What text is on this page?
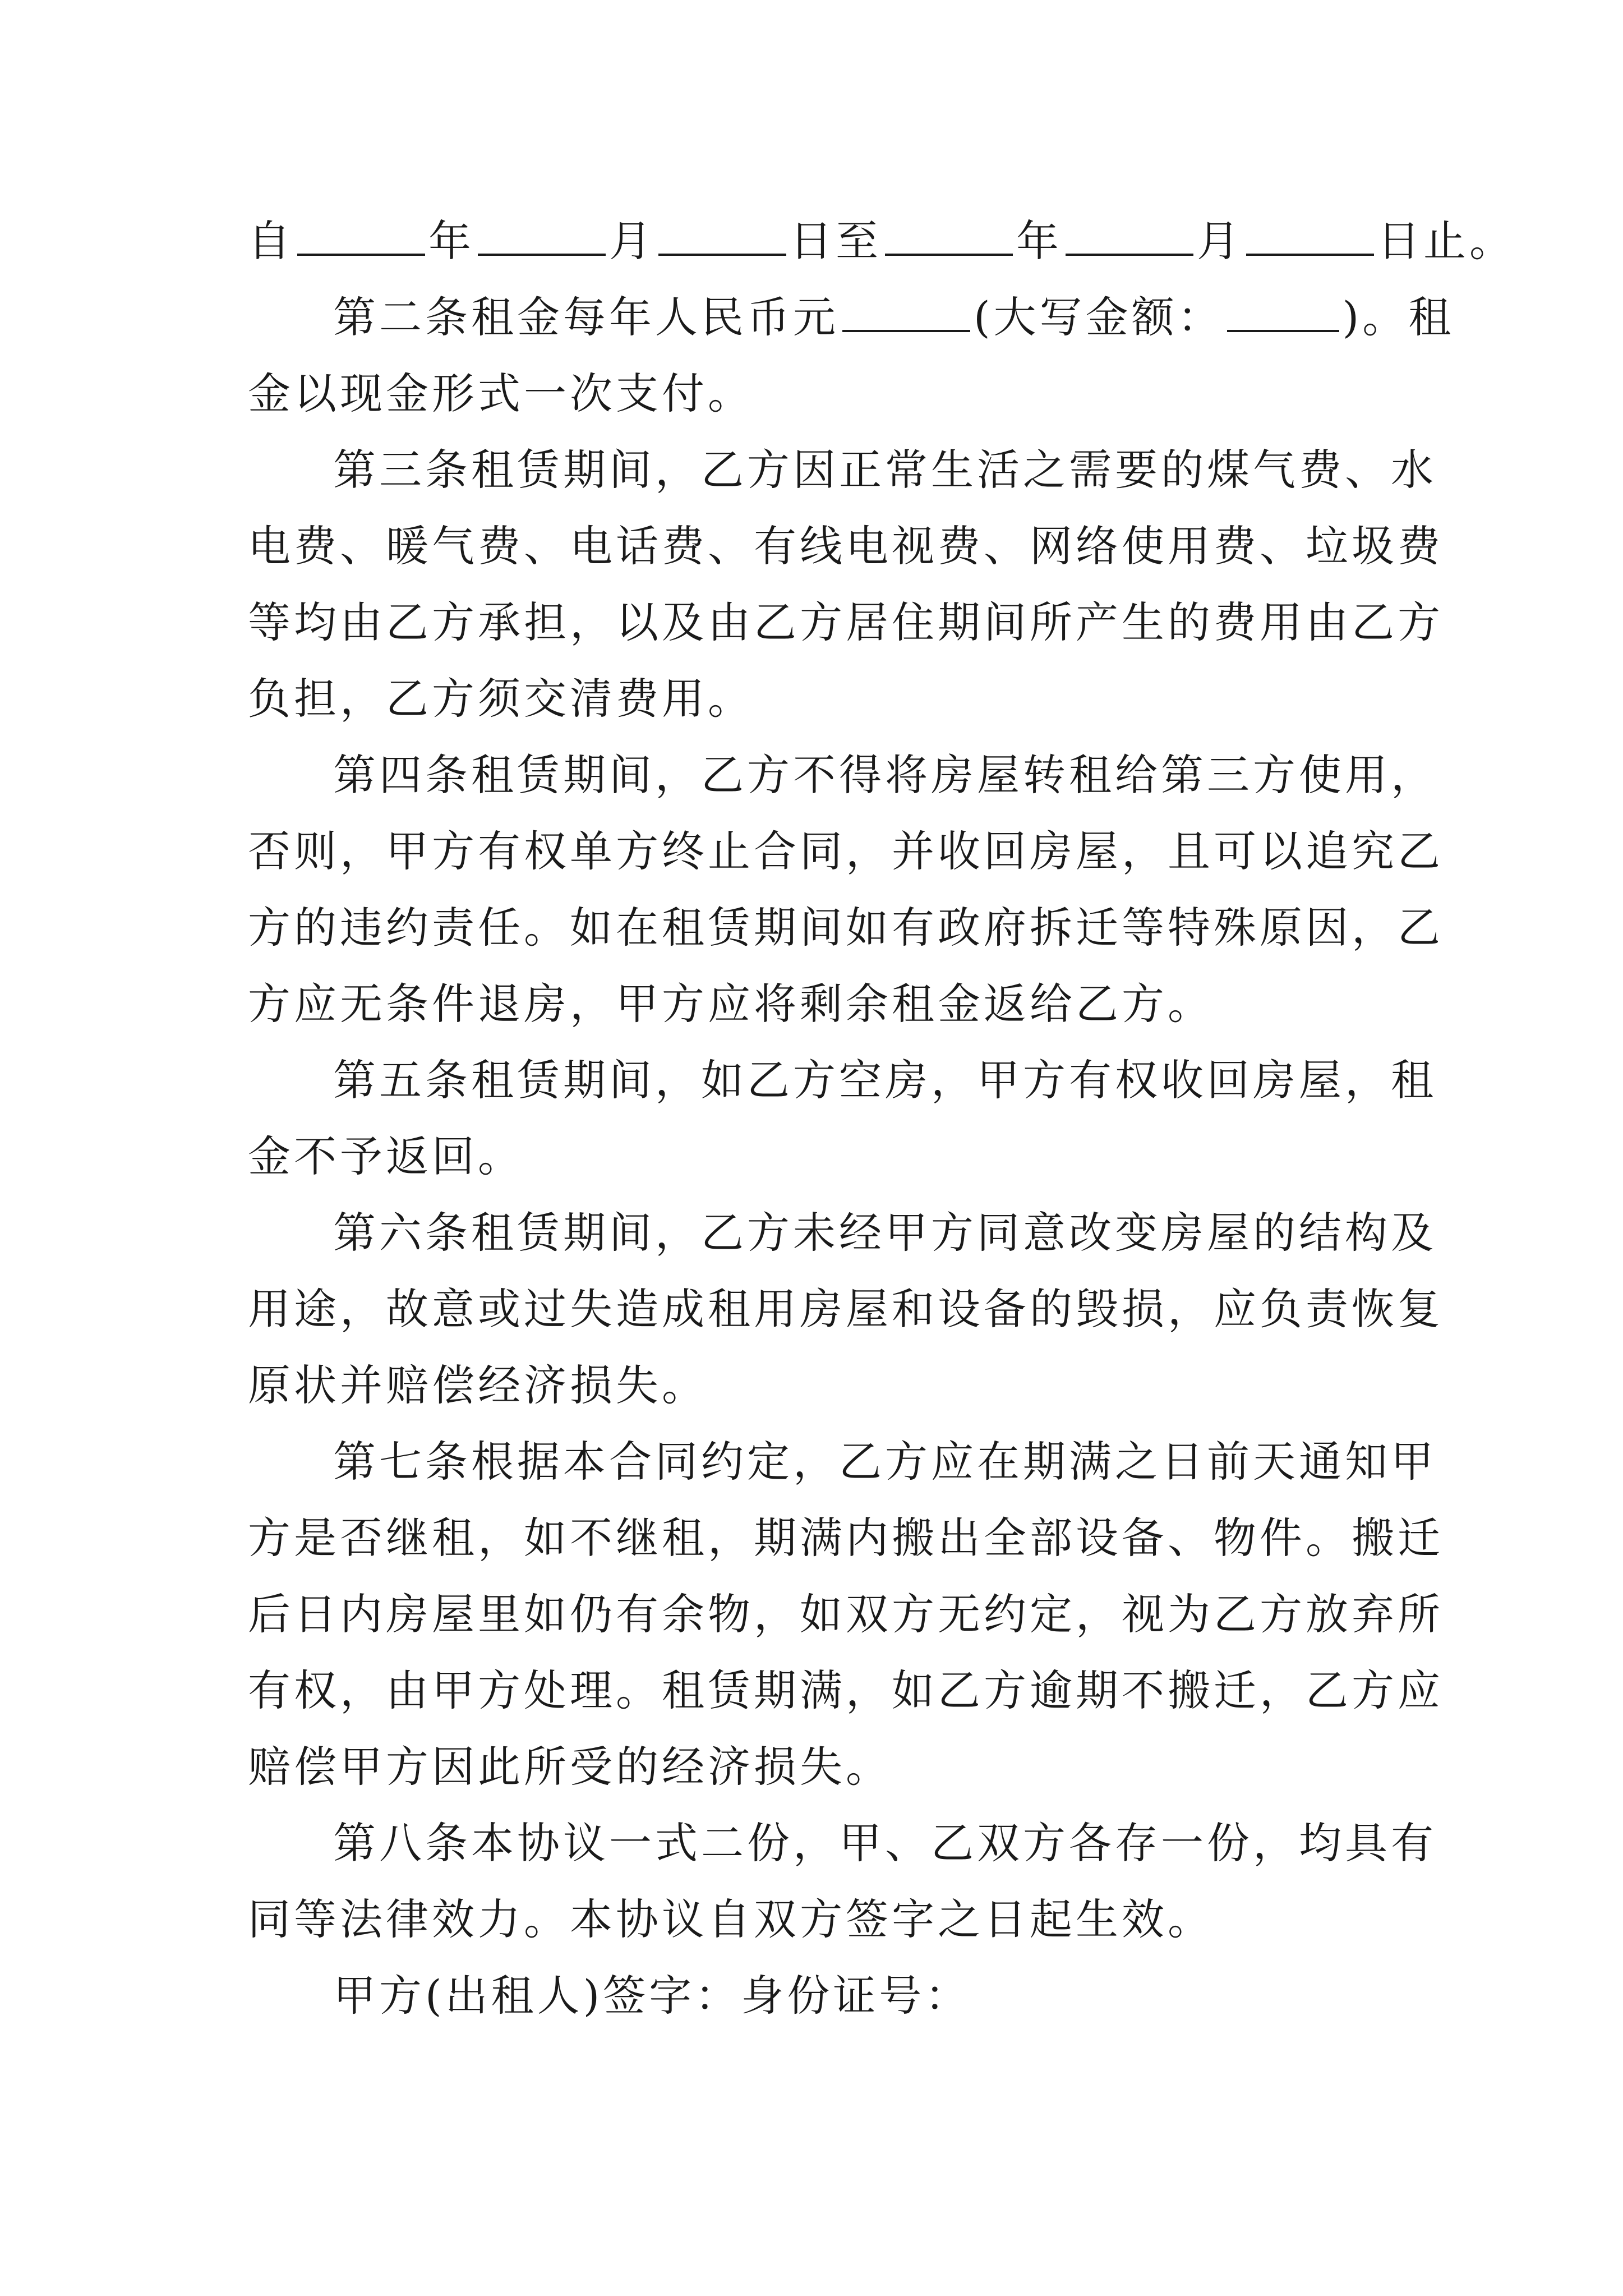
自	年	月	日至	年	月	日止。
第二条租金每年人民币元	(大写金额：	)。租
金以现金形式一次支付。
第三条租赁期间，乙方因正常生活之需要的煤气费、水
电费、暖气费、电话费、有线电视费、网络使用费、垃圾费
等均由乙方承担，以及由乙方居住期间所产生的费用由乙方
负担，乙方须交清费用。
第四条租赁期间，乙方不得将房屋转租给第三方使用，
否则，甲方有权单方终止合同，并收回房屋，且可以追究乙
方的违约责任。如在租赁期间如有政府拆迁等特殊原因，乙
方应无条件退房，甲方应将剩余租金返给乙方。
第五条租赁期间，如乙方空房，甲方有权收回房屋，租
金不予返回。
第六条租赁期间，乙方未经甲方同意改变房屋的结构及
用途，故意或过失造成租用房屋和设备的毁损，应负责恢复
原状并赔偿经济损失。
第七条根据本合同约定，乙方应在期满之日前天通知甲
方是否继租，如不继租，期满内搬出全部设备、物件。搬迁
后日内房屋里如仍有余物，如双方无约定，视为乙方放弃所
有权，由甲方处理。租赁期满，如乙方逾期不搬迁，乙方应
赔偿甲方因此所受的经济损失。
第八条本协议一式二份，甲、乙双方各存一份，均具有
同等法律效力。本协议自双方签字之日起生效。
甲方(出租人)签字：身份证号：
